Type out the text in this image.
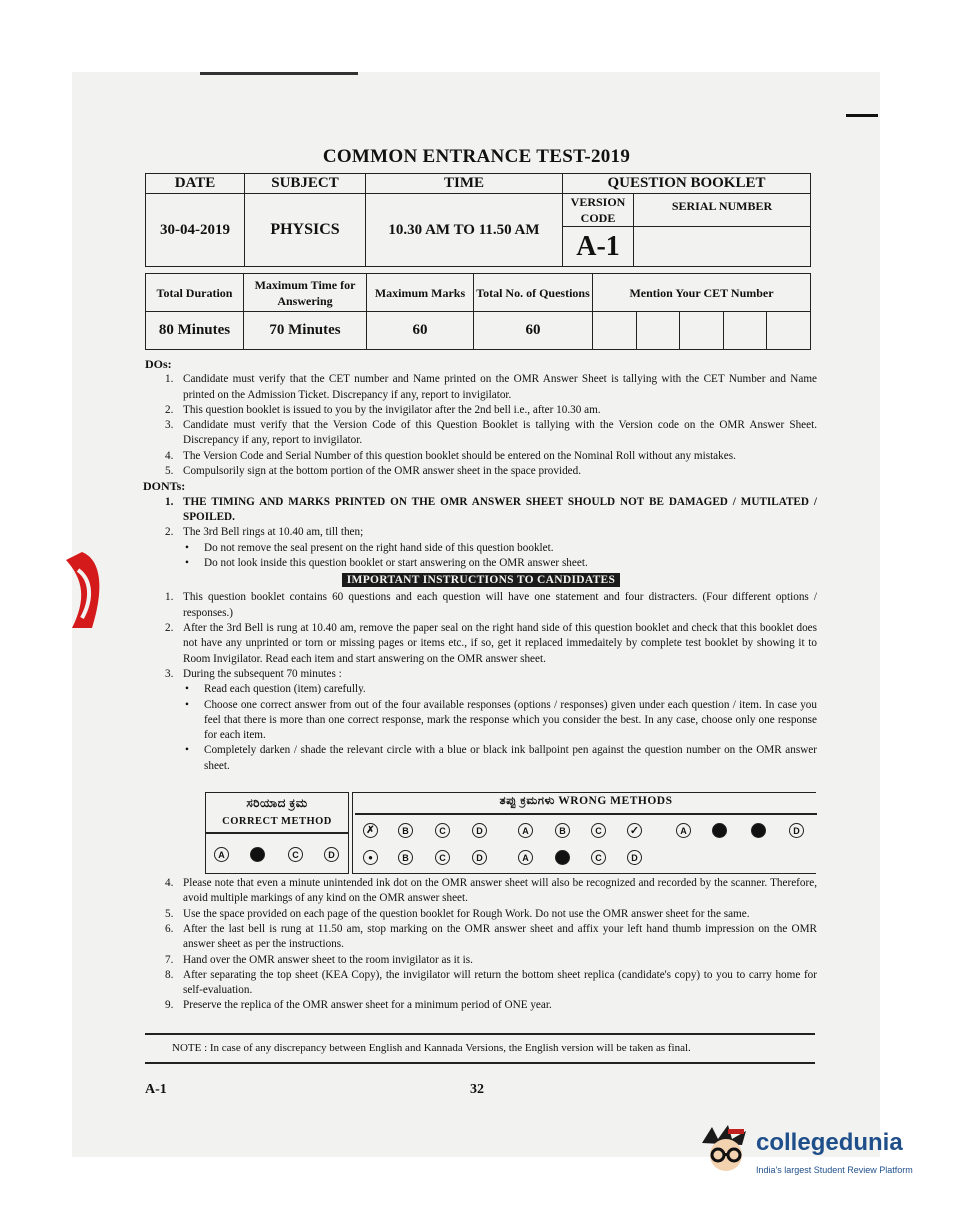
COMMON ENTRANCE TEST-2019
DATE	SUBJECT	TIME	QUESTION BOOKLET	
30-04-2019	PHYSICS	10.30 AM TO 11.50 AM	VERSION CODE	SERIAL NUMBER
			A-1	
Total Duration	Maximum Time for Answering	Maximum Marks	Total No. of Questions	Mention Your CET Number				
80 Minutes	70 Minutes	60	60					
DOs:
1. Candidate must verify that the CET number and Name printed on the OMR Answer Sheet is tallying with the CET Number and Name printed on the Admission Ticket. Discrepancy if any, report to invigilator.
2. This question booklet is issued to you by the invigilator after the 2nd bell i.e., after 10.30 am.
3. Candidate must verify that the Version Code of this Question Booklet is tallying with the Version code on the OMR Answer Sheet. Discrepancy if any, report to invigilator.
4. The Version Code and Serial Number of this question booklet should be entered on the Nominal Roll without any mistakes.
5. Compulsorily sign at the bottom portion of the OMR answer sheet in the space provided.
DONTs:
1. THE TIMING AND MARKS PRINTED ON THE OMR ANSWER SHEET SHOULD NOT BE DAMAGED / MUTILATED / SPOILED.
2. The 3rd Bell rings at 10.40 am, till then;
• Do not remove the seal present on the right hand side of this question booklet.
• Do not look inside this question booklet or start answering on the OMR answer sheet.
IMPORTANT INSTRUCTIONS TO CANDIDATES
1. This question booklet contains 60 questions and each question will have one statement and four distracters. (Four different options / responses.)
2. After the 3rd Bell is rung at 10.40 am, remove the paper seal on the right hand side of this question booklet and check that this booklet does not have any unprinted or torn or missing pages or items etc., if so, get it replaced immedaitely by complete test booklet by showing it to Room Invigilator. Read each item and start answering on the OMR answer sheet.
3. During the subsequent 70 minutes :
• Read each question (item) carefully.
• Choose one correct answer from out of the four available responses (options / responses) given under each question / item. In case you feel that there is more than one correct response, mark the response which you consider the best. In any case, choose only one response for each item.
• Completely darken / shade the relevant circle with a blue or black ink ballpoint pen against the question number on the OMR answer sheet.
4. Please note that even a minute unintended ink dot on the OMR answer sheet will also be recognized and recorded by the scanner. Therefore, avoid multiple markings of any kind on the OMR answer sheet.
5. Use the space provided on each page of the question booklet for Rough Work. Do not use the OMR answer sheet for the same.
6. After the last bell is rung at 11.50 am, stop marking on the OMR answer sheet and affix your left hand thumb impression on the OMR answer sheet as per the instructions.
7. Hand over the OMR answer sheet to the room invigilator as it is.
8. After separating the top sheet (KEA Copy), the invigilator will return the bottom sheet replica (candidate's copy) to you to carry home for self-evaluation.
9. Preserve the replica of the OMR answer sheet for a minimum period of ONE year.
ಸರಿಯಾದ ಕ್ರಮ
CORRECT METHOD
ತಪ್ಪು ಕ್ರಮಗಳು WRONG METHODS
A	C	D
✗	B	C	D	A	B	C	✓	A	D
●	B	C	D	A	C	D
NOTE : In case of any discrepancy between English and Kannada Versions, the English version will be taken as final.
A-1	32
collegedunia
India's largest Student Review Platform
